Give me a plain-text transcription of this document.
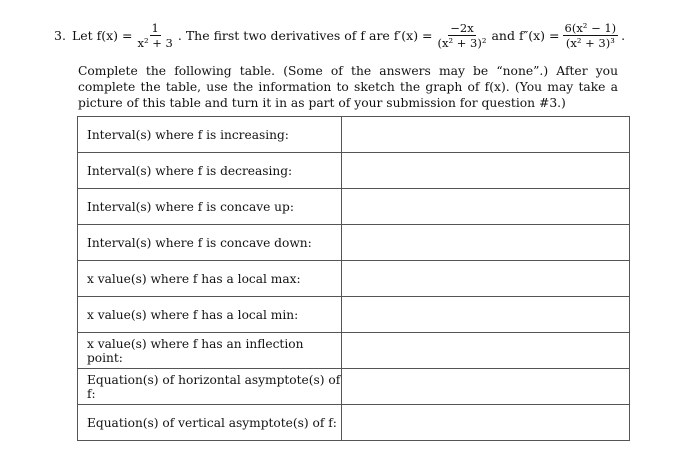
3. Let $f(x) = \frac{1}{\text{x² + 3}}$ . The first two derivatives of f are $f'(x) = \frac{-2x}{\text{(x² + 3)²}}$ and $f''(x) = \frac{\text{6(x² − 1)}}{\text{(x² + 3)³}}$ .
Complete the following table. (Some of the answers may be “none”.) After you complete the table, use the information to sketch the graph of f(x). (You may take a picture of this table and turn it in as part of your submission for question #3.)
Interval(s) where f is increasing:	
Interval(s) where f is decreasing:	
Interval(s) where f is concave up:	
Interval(s) where f is concave down:	
x value(s) where f has a local max:	
x value(s) where f has a local min:	
x value(s) where f has an inflection point:	
Equation(s) of horizontal asymptote(s) of f:	
Equation(s) of vertical asymptote(s) of f:	
